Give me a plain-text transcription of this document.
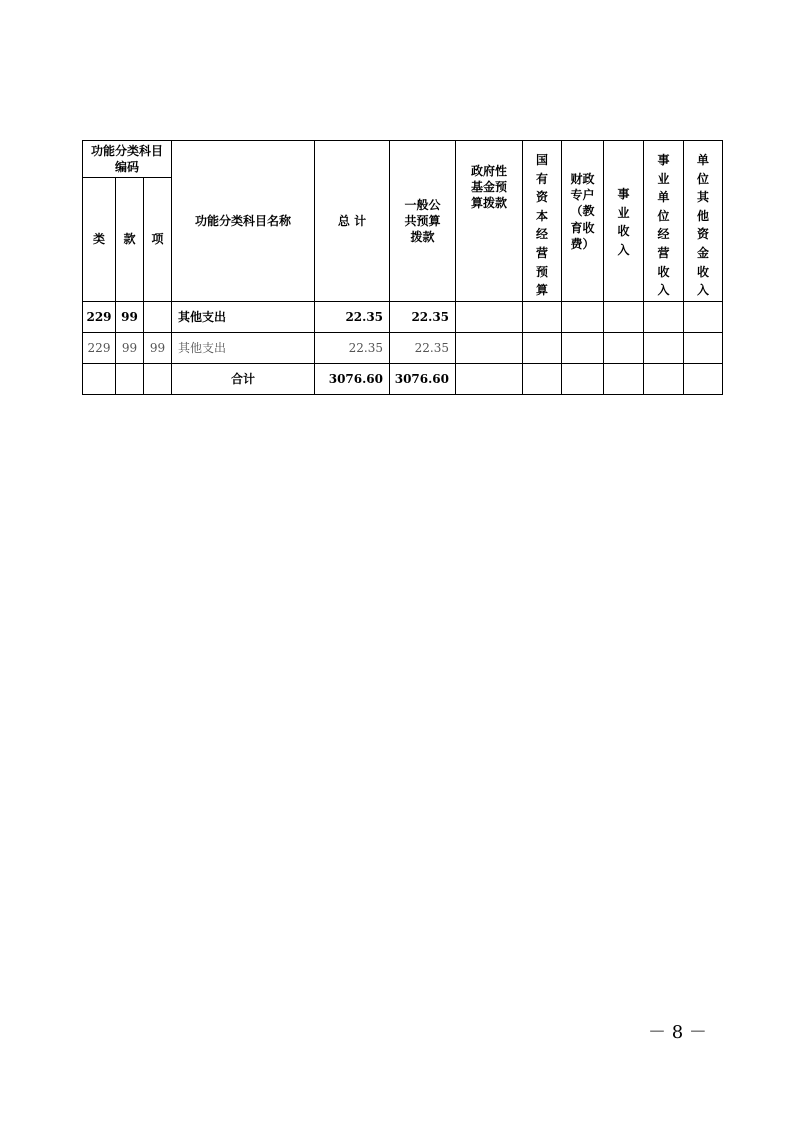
功能分类科目编码			功能分类科目名称	总 计	一般公共预算拨款	政府性基金预算拨款	国有资本经营预算	财政专户（教育收费）	事业收入	事业单位经营收入	单位其他资金收入

类	款	项									
229	99		其他支出	22.35	22.35						
229	99	99	其他支出	22.35	22.35						
			合计	3076.60	3076.60						
－ 8 －
